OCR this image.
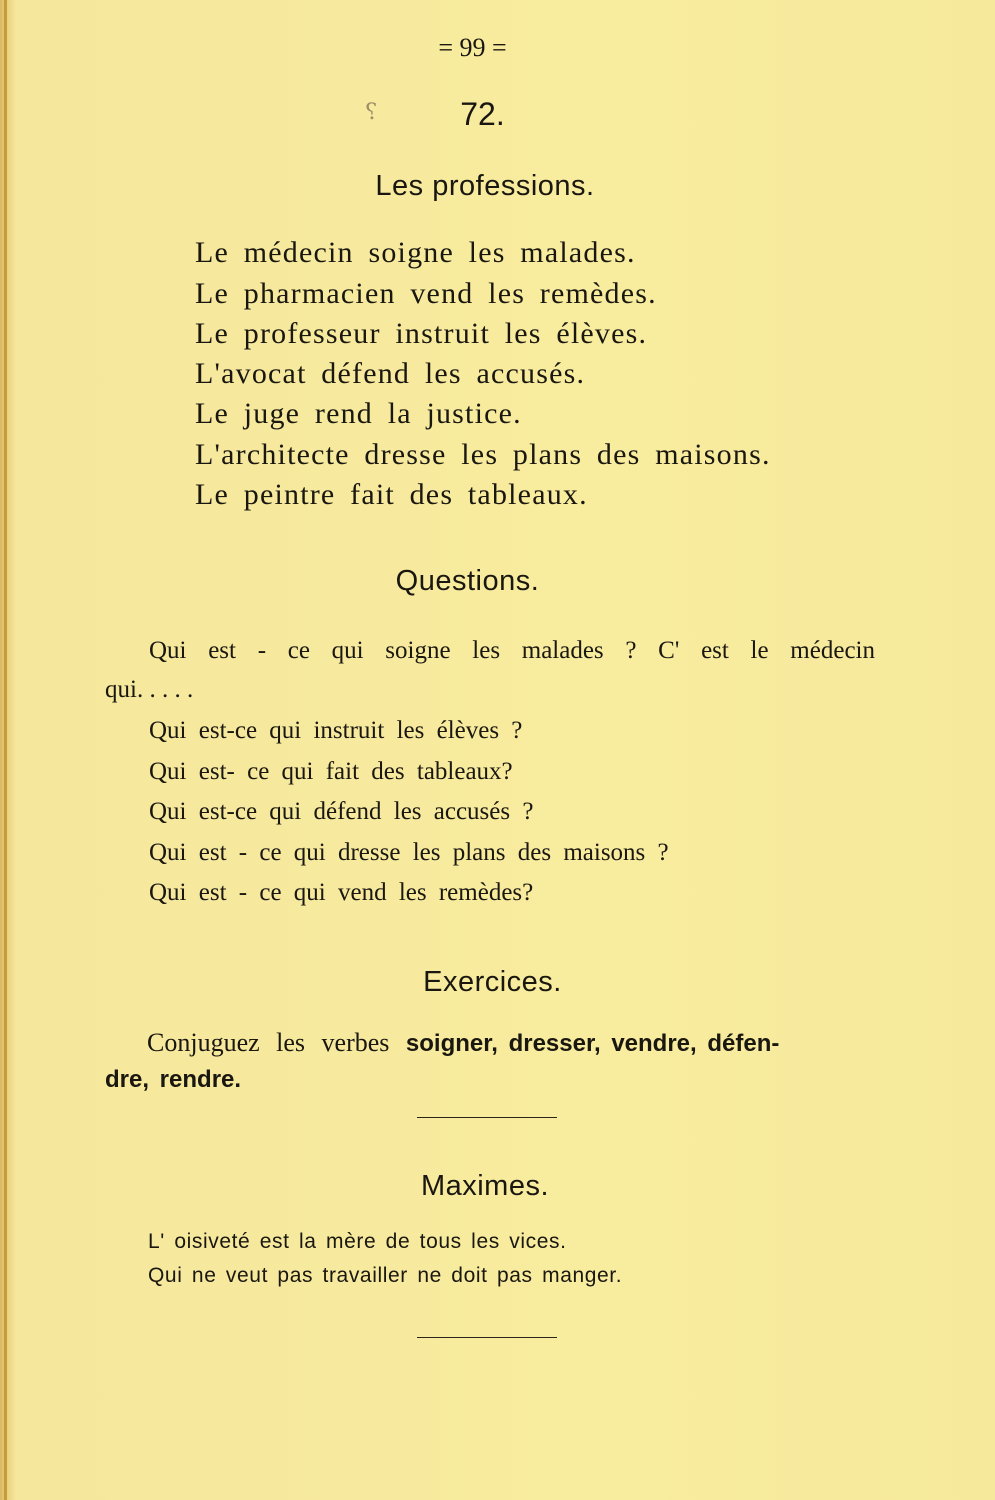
= 99 =

⸮	72.

Les professions.

Le médecin soigne les malades.

Le pharmacien vend les remèdes.

Le professeur instruit les élèves.

L'avocat défend les accusés.

Le juge rend la justice.

L'architecte dresse les plans des maisons.

Le peintre fait des tableaux.

Questions.

Qui est - ce qui soigne les malades ? C' est le médecin

qui. . . . .

Qui est-ce qui instruit les élèves ?

Qui est- ce qui fait des tableaux?

Qui est-ce qui défend les accusés ?

Qui est - ce qui dresse les plans des maisons ?

Qui est - ce qui vend les remèdes?

Exercices.

Conjuguez les verbes soigner, dresser, vendre, défen-

dre, rendre.

Maximes.

L' oisiveté est la mère de tous les vices.

Qui ne veut pas travailler ne doit pas manger.
